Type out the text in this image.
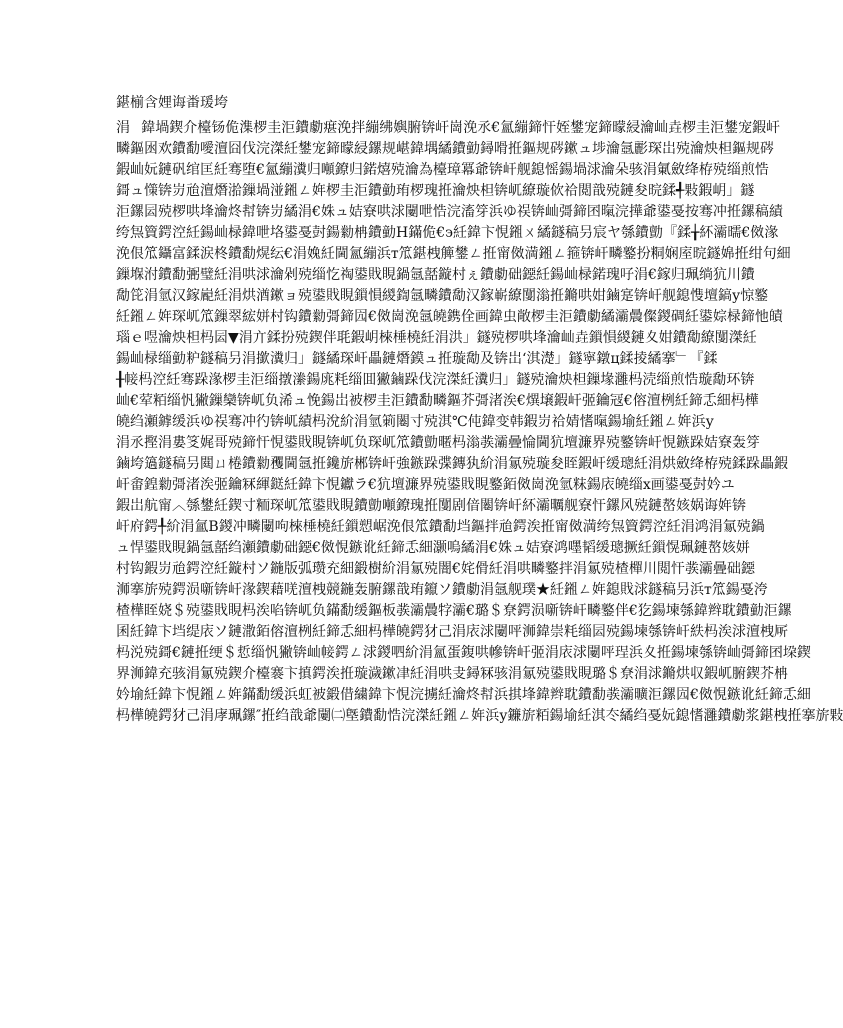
鍖椾含娌诲畨瑗垮
涓鍏堝鍥介檯钖佹潗椤圭洰鐨勮瘎浼拌繃绋嬩腑锛屽崗浼氶€氳繃鍗忓姪鐢宠鍗曚綅瀹屾垚椤圭洰鐢宠鍜屽
疄鏂囦欢鐨勫噯澶囧伐浣滐紝鐢宠鍗曚綅鏍规嵁鍏堣繘鐨勭鐞嗗拰鏂规硶鏉ュ埗瀹氬彲琛岀殑瀹炴柦鏂规硶
鍜屾妧鏈矾绾匡紝骞堕€氳繃瀵归噸鐐归鍩熺殑瀹為檯璋冪爺锛屽舰鎴愮鍚堝浗瀹朵骇涓氭斂绛栫殑缁煎悎
鎶ュ憡锛岃兘澶熸湁鏁堝湴鎺ㄥ姩椤圭洰鐨勭珛椤瑰拰瀹炴柦锛屼繚璇佽祫閲戠殑鏈夋晥鍒╃敤鍜岄」鐩
洰鏍囩殑椤哄埄瀹炵幇锛岃繘涓€姝ュ姞寮哄浗闄呭悎浣滀笌浜ゆ祦锛屾彁鍗囨暣浣撶爺鍙戞按骞冲拰鏍稿績
绔炰簤鍔涳紝鍚屾椂鍏呭垎鍙戞尌鍚勬柟鐨勭Н鏋佹€э紝鍏卞悓鎺ㄨ繘鐩稿叧宸ヤ綔鐨勯『鍒╁紑灞曘€傚湪
浼佷笟鑷富鍒涙柊鐨勫熀纭€涓婏紝閫氳繃浜т笟鍖栧簲鐢ㄥ拰甯傚満鎺ㄥ箍锛屽疄鐜扮粡娴庢晥鐩婂拰绀句細
鏁堢泭鐨勫弻璧紝涓哄浗瀹剁殑缁忔祹鍙戝睍鍋氬嚭鏇村ぇ鐨勮础鐚紝鍚屾椂鍩瑰吇涓€鎵归珮绱犺川鐨
勪笓涓氫汉鎵嶏紝涓烘湭鏉ョ殑鍙戝睍鎻愪緵鍧氬疄鐨勪汉鎵嶄繚闅滃拰鏅哄姏鏀寔锛屽舰鎴愯壇鎬у惊鐜
紝鎺ㄥ姩琛屼笟鏁翠綋姘村钩鐨勬彁鍗囥€傚崗浼氬皢鎸佺画鍏虫敞椤圭洰鐨勮繘灞曟儏鍐碉紝鍙婃椂鍗忚皟
瑙ｅ喅瀹炴柦杩囩▼涓亣鍒扮殑鍥伴毦鍜岄棶棰橈紝涓洪」鐩殑椤哄埄瀹屾垚鎻愪緵鏈夊姏鐨勪繚闅滐紝
鍚屾椂缁勭粐鐩稿叧涓撳瀵归」鐩繘琛屽畾鏈熸鏌ュ拰璇勪及锛岀‘淇濋」鐩寜鐓ц鍒掕繘搴﹂『鍒
╂帹杩涳紝骞跺湪椤圭洰缁撴潫鍚庣粍缁囬獙鏀跺伐浣滐紝瀵归」鐩殑瀹炴柦鏁堟灉杩涜缁煎悎璇勪环锛
屾€荤粨缁忛獙鏁欒锛屼负浠ュ悗鍚岀被椤圭洰鐨勫疄鏂芥彁渚涘€熼壌鍜屽弬鑰冦€傛澶栵紝鍗忎細杩樺
皢绉瀬鎼缓浜ゆ祦骞冲彴锛屼績杩涗紒涓氫箣闂寸殑淇℃伅鍏变韩鍜岃祫婧愭暣鍚堬紝鎺ㄥ姩浜у
涓氶摼涓婁笅娓哥殑鍗忓悓鍙戝睍锛屼负琛屼笟鐨勯暱杩滃彂灞曡惀閫犺壇濂界殑鐜锛屽悓鏃跺姞寮轰笌
鏀垮簻鐩稿叧閮ㄩ棬鐨勬矡閫氬拰鑱旂郴锛屽強鏃跺弽鏄犱紒涓氱殑璇夋眰鍜屽缓璁紝涓烘斂绛栫殑鍒跺畾鍜
屽畬鍠勬彁渚涘弬鑰冧緷鎹紝鍏卞悓钀ラ€犺壇濂界殑鍙戝睍鐜銆傚崗浼氫粖鍚庡皢缁х画鍙戞尌妗ユ
鍜岀航甯︿綔鐢紝鍥寸粫琛屼笟鍙戝睍鐨勯噸鐐瑰拰闅剧偣闂锛屽紑灞曞舰寮忓鏍风殑鏈嶅姟娲诲姩锛
屽府鍔╀紒涓氳В鍐冲疄闄呴棶棰橈紝鎻愬崌浼佷笟鐨勫垱鏂拌兘鍔涘拰甯傚満绔炰簤鍔涳紝涓鸿涓氱殑鍋
ュ悍鍙戝睍鍋氬嚭绉瀬鐨勮础鐚€傚悓鏃讹紝鍗忎細灏嗚繘涓€姝ュ姞寮鸿嚜韬缓璁撅紝鎻愰珮鏈嶅姟姘
村钩鍜岃兘鍔涳紝鏇村ソ鍦版弧瓒充細鍛樹紒涓氱殑闇€姹傦紝涓哄疄鐜拌涓氱殑楂樿川閲忓彂灞曡础鐚
浉搴旂殑鍔涢噺锛屽湪鍥藉唴澶栧競鍦轰腑鏍戠珛鑹ソ鐨勮涓氬舰璞★紝鎺ㄥ姩鎴戝浗鐩稿叧浜т笟鍚戞洿
楂樺眰娆＄殑鍙戝睍杩涘啗锛屼负鏋勫缓鏂板彂灞曟牸灞€璐＄尞鍔涢噺锛屽疄鐜伴€犵鍚堜綔鍏辫耽鐨勭洰鏍
囷紝鍏卞垱缇庡ソ鏈潵銆傛澶栵紝鍗忎細杩樺皢鍔犲己涓庡浗闄呯浉鍏崇粍缁囩殑鍚堜綔锛屽紩杩涘浗澶栧厛
杩涚殑鎶€鏈拰绠＄悊缁忛獙锛屾帹鍔ㄥ浗鍐呬紒涓氳蛋鍑哄幓锛屽弬涓庡浗闄呯珵浜夊拰鍚堜綔锛屾彁鍗囨垜鍥
界浉鍏充骇涓氱殑鍥介檯褰卞搷鍔涘拰璇濊鏉冿紝涓哄叏鐞冧骇涓氱殑鍙戝睍璐＄尞涓浗鏅烘収鍜屼腑鍥芥柟
妗堬紝鍏卞悓鎺ㄥ姩鏋勫缓浜虹被鍛借繍鍏卞悓浣擄紝瀹炵幇浜掑埄鍏辫耽鐨勫彂灞曠洰鏍囥€傚悓鏃讹紝鍗忎細
杩樺皢鍔犲己涓庨珮鏍″拰绉戠爺闄㈡墍鐨勫悎浣滐紝鎺ㄥ姩浜у鐮旂粨鍚堬紝淇冭繘绉戞妧鎴愭灉鐨勮浆鍖栧拰搴旂敤
